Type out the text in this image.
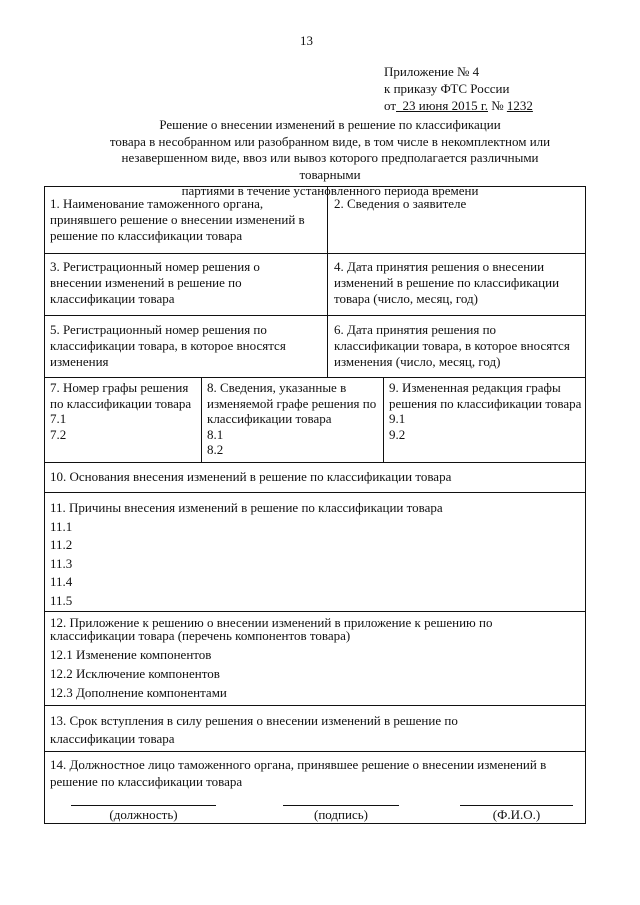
13
Приложение № 4
к приказу ФТС России
от  23 июня 2015 г. № 1232
Решение о внесении изменений в решение по классификации
товара в несобранном или разобранном виде, в том числе в некомплектном или
незавершенном виде, ввоз или вывоз которого предполагается различными товарными
партиями в течение установленного периода времени
1. Наименование таможенного органа, принявшего решение о внесении изменений в решение по классификации товара
2. Сведения о заявителе
3. Регистрационный номер решения о внесении изменений в решение по классификации товара
4. Дата принятия решения о внесении изменений в решение по классификации товара (число, месяц, год)
5. Регистрационный номер решения по классификации товара, в которое вносятся изменения
6. Дата принятия решения по классификации товара, в которое вносятся изменения (число, месяц, год)
7. Номер графы решения по классификации товара
7.1
7.2
8. Сведения, указанные в изменяемой графе решения по классификации товара
8.1
8.2
9. Измененная редакция графы решения по классификации товара
9.1
9.2
10. Основания внесения изменений в решение по классификации товара
11. Причины внесения изменений в решение по классификации товара
11.1
11.2
11.3
11.4
11.5
12. Приложение к решению о внесении изменений в приложение к решению по классификации товара (перечень компонентов товара)
12.1 Изменение компонентов
12.2 Исключение компонентов
12.3 Дополнение компонентами
13. Срок вступления в силу решения о внесении изменений в решение по классификации товара
14. Должностное лицо таможенного органа, принявшее решение о внесении изменений в решение по классификации товара
(должность)	(подпись)	(Ф.И.О.)
